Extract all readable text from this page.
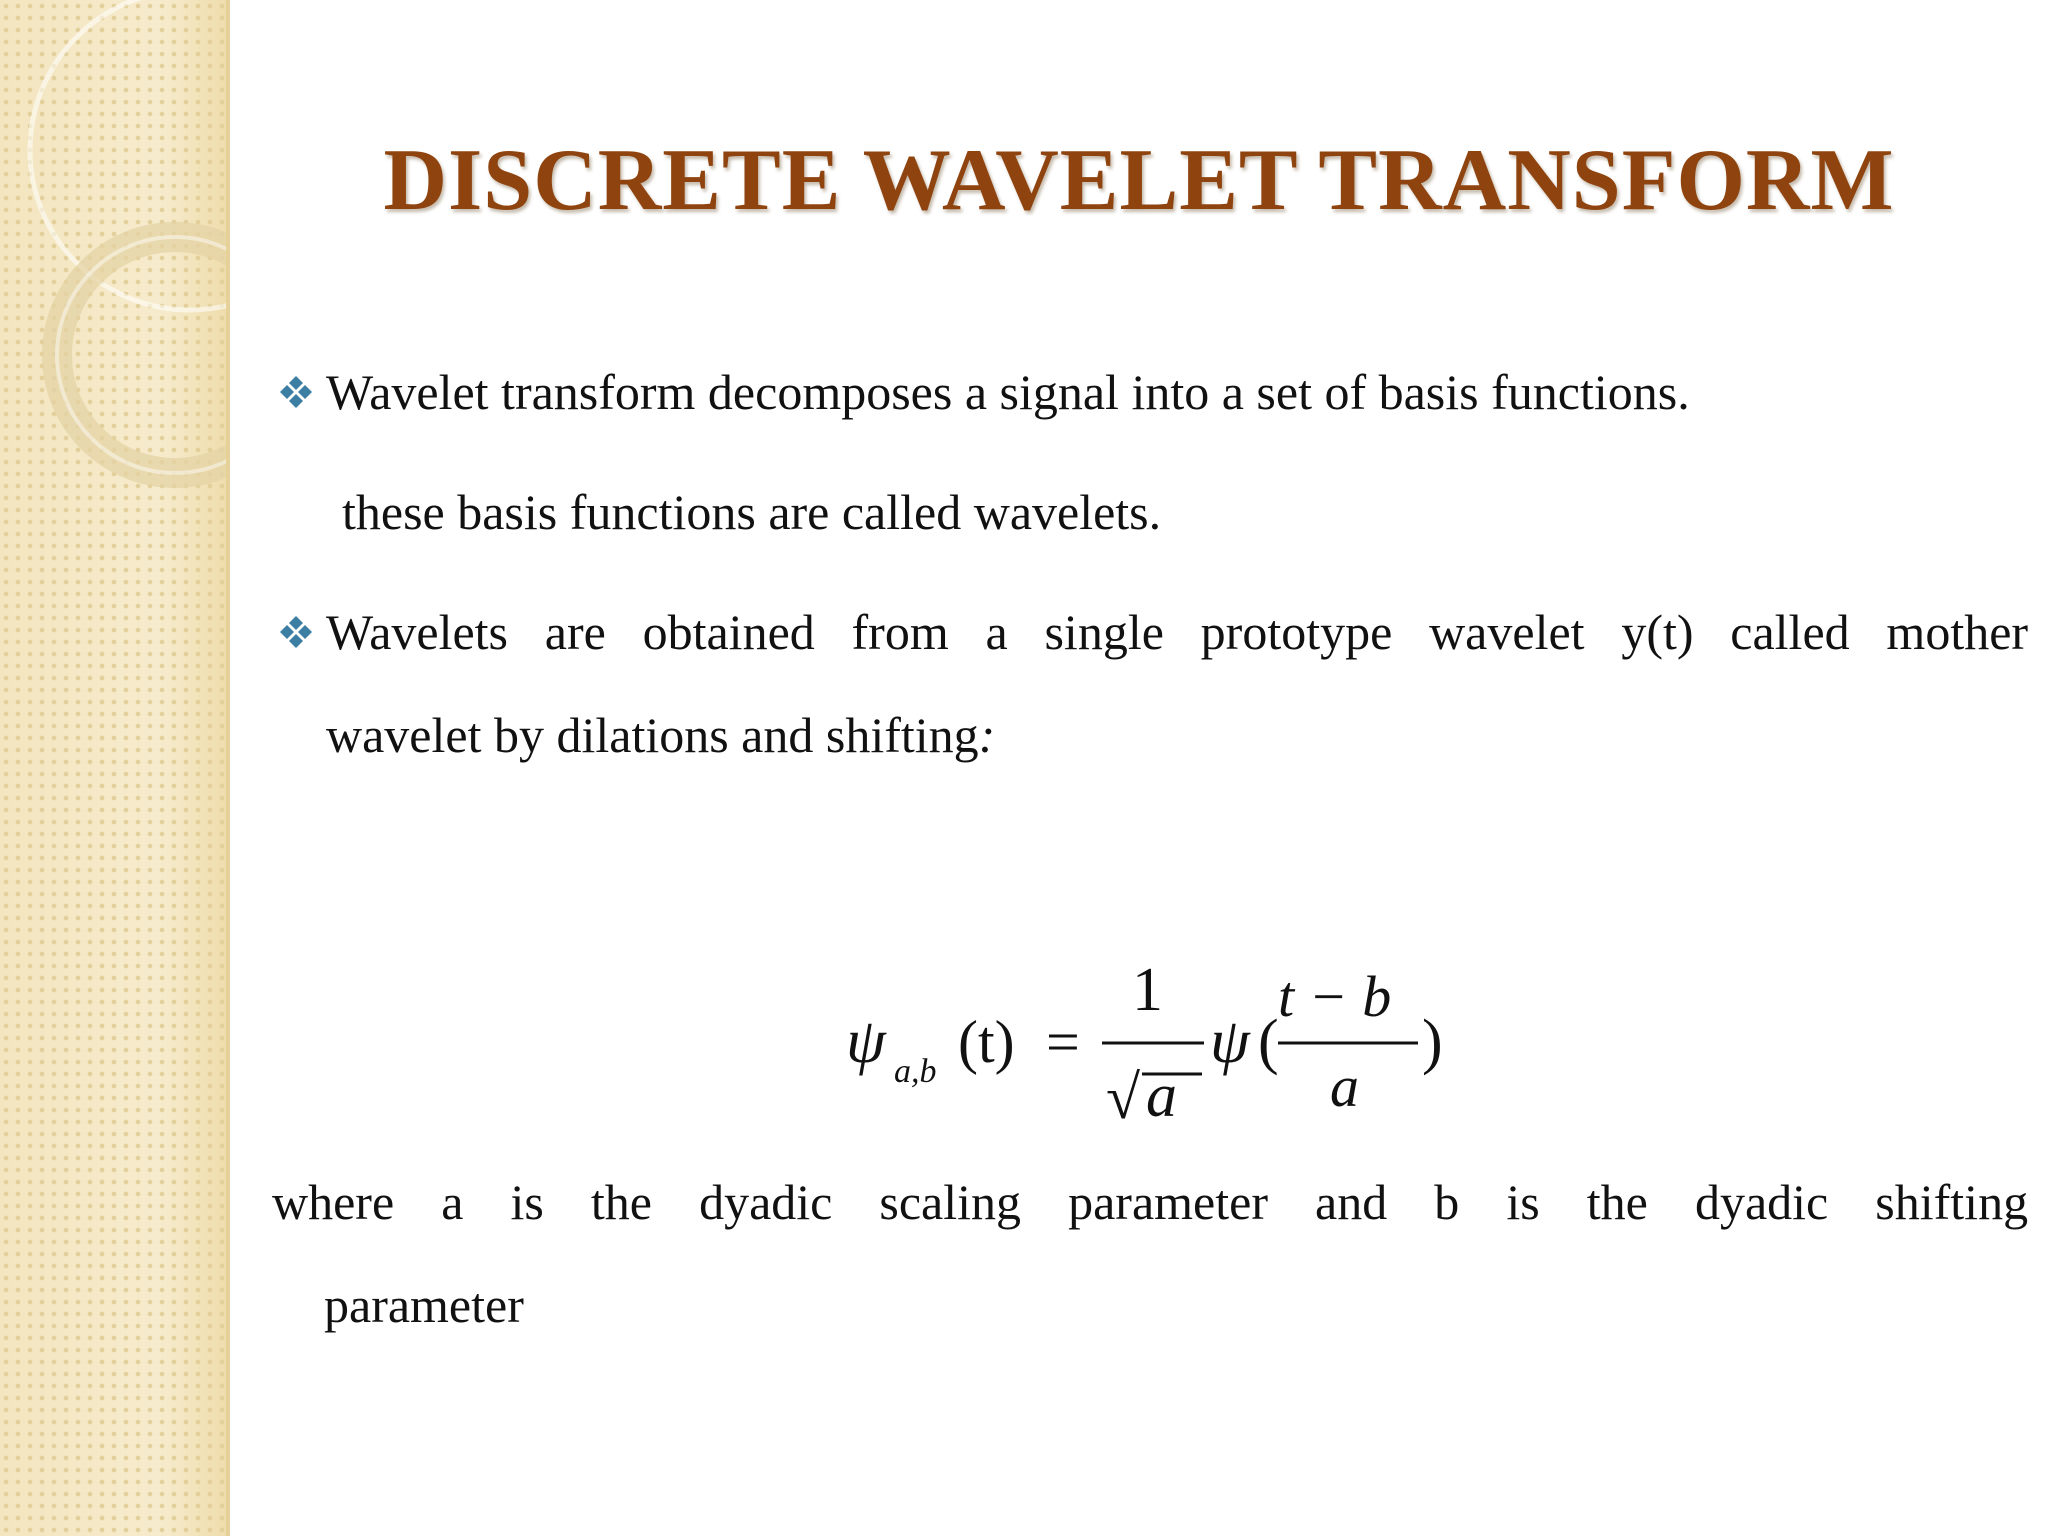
DISCRETE WAVELET TRANSFORM
Wavelet transform decomposes a signal into a set of basis functions.
these basis functions are called wavelets.
Wavelets are obtained from a single prototype wavelet y(t) called mother
wavelet by dilations and shifting:
ψ a,b (t) =
1
√ a
ψ (
t − b
a
)
where a is the dyadic scaling parameter and b is the dyadic shifting
parameter
